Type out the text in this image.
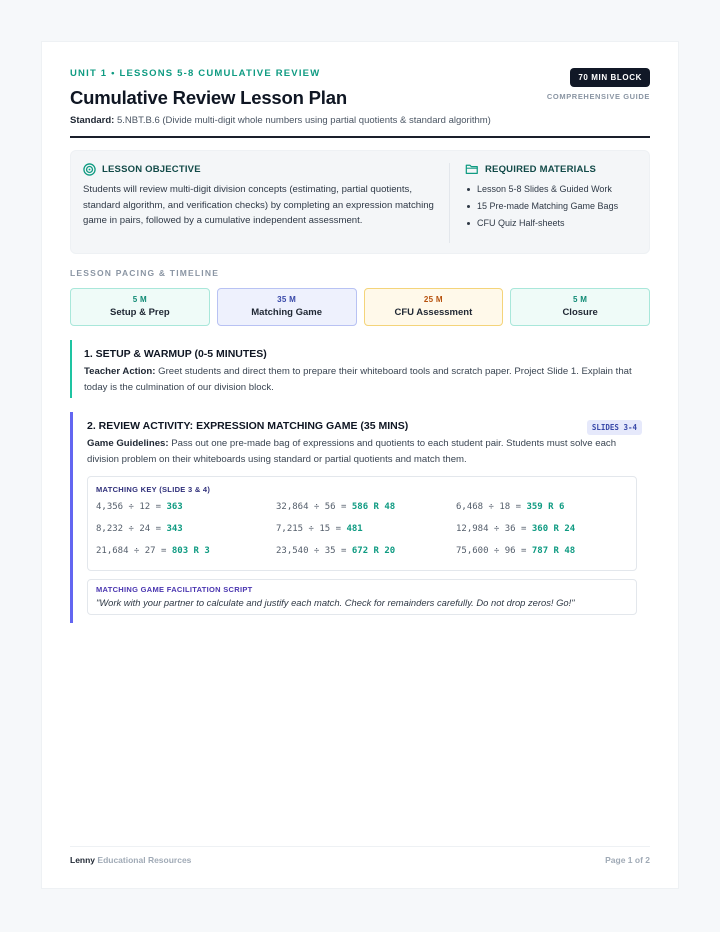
UNIT 1 • LESSONS 5-8 CUMULATIVE REVIEW	70 MIN BLOCK
COMPREHENSIVE GUIDE
Cumulative Review Lesson Plan
Standard: 5.NBT.B.6 (Divide multi-digit whole numbers using partial quotients & standard algorithm)
LESSON OBJECTIVE
Students will review multi-digit division concepts (estimating, partial quotients, standard algorithm, and verification checks) by completing an expression matching game in pairs, followed by a cumulative independent assessment.
REQUIRED MATERIALS
Lesson 5-8 Slides & Guided Work
15 Pre-made Matching Game Bags
CFU Quiz Half-sheets
LESSON PACING & TIMELINE
5 M
Setup & Prep
35 M
Matching Game
25 M
CFU Assessment
5 M
Closure
1. SETUP & WARMUP (0-5 MINUTES)
Teacher Action: Greet students and direct them to prepare their whiteboard tools and scratch paper. Project Slide 1. Explain that today is the culmination of our division block.
2. REVIEW ACTIVITY: EXPRESSION MATCHING GAME (35 MINS)	SLIDES 3-4
Game Guidelines: Pass out one pre-made bag of expressions and quotients to each student pair. Students must solve each division problem on their whiteboards using standard or partial quotients and match them.
MATCHING KEY (SLIDE 3 & 4)
4,356 ÷ 12 = 363	32,864 ÷ 56 = 586 R 48	6,468 ÷ 18 = 359 R 6
8,232 ÷ 24 = 343	7,215 ÷ 15 = 481	12,984 ÷ 36 = 360 R 24
21,684 ÷ 27 = 803 R 3	23,540 ÷ 35 = 672 R 20	75,600 ÷ 96 = 787 R 48
MATCHING GAME FACILITATION SCRIPT
"Work with your partner to calculate and justify each match. Check for remainders carefully. Do not drop zeros! Go!"
Lenny Educational Resources	Page 1 of 2
